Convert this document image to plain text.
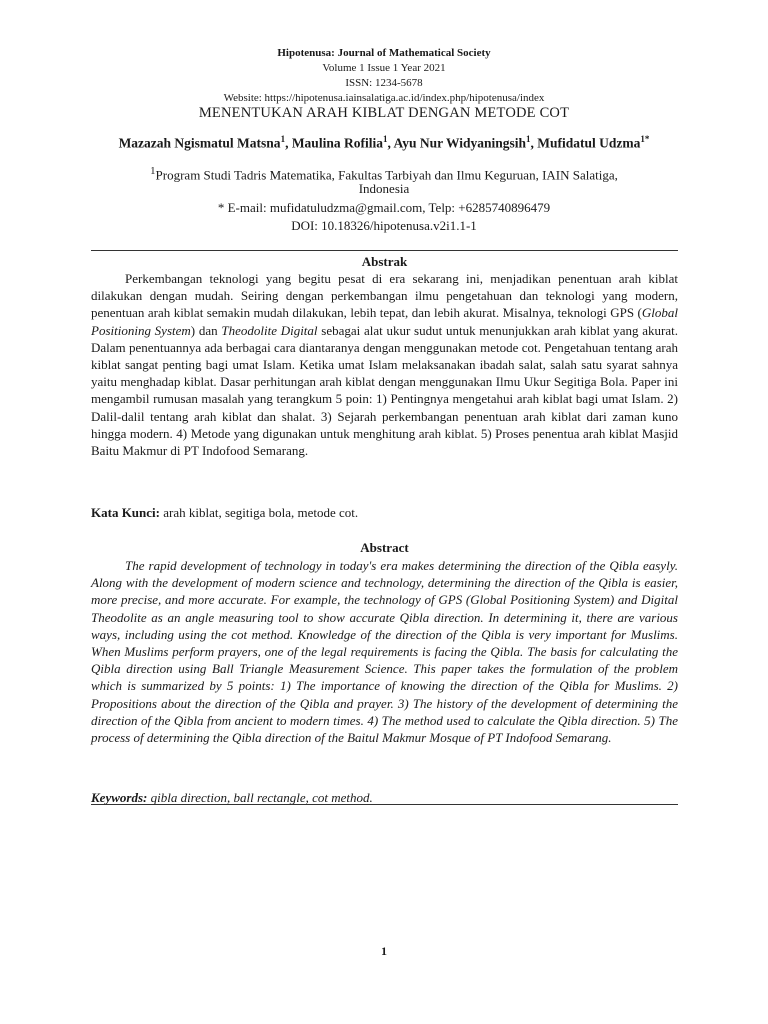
Hipotenusa: Journal of Mathematical Society
Volume 1 Issue 1 Year 2021
ISSN: 1234-5678
Website: https://hipotenusa.iainsalatiga.ac.id/index.php/hipotenusa/index
MENENTUKAN ARAH KIBLAT DENGAN METODE COT
Mazazah Ngismatul Matsna$^1$, Maulina Rofilia$^1$, Ayu Nur Widyaningsih$^1$, Mufidatul Udzma$^{1*}$
$^1$Program Studi Tadris Matematika, Fakultas Tarbiyah dan Ilmu Keguruan, IAIN Salatiga,
Indonesia
* E-mail: mufidatuludzma@gmail.com, Telp: +6285740896479
DOI: 10.18326/hipotenusa.v2i1.1-1
Abstrak

Perkembangan teknologi yang begitu pesat di era sekarang ini, menjadikan penentuan arah kiblat dilakukan dengan mudah. Seiring dengan perkembangan ilmu pengetahuan dan teknologi yang modern, penentuan arah kiblat semakin mudah dilakukan, lebih tepat, dan lebih akurat. Misalnya, teknologi GPS (Global Positioning System) dan Theodolite Digital sebagai alat ukur sudut untuk menunjukkan arah kiblat yang akurat. Dalam penentuannya ada berbagai cara diantaranya dengan menggunakan metode cot. Pengetahuan tentang arah kiblat sangat penting bagi umat Islam. Ketika umat Islam melaksanakan ibadah salat, salah satu syarat sahnya yaitu menghadap kiblat. Dasar perhitungan arah kiblat dengan menggunakan Ilmu Ukur Segitiga Bola. Paper ini mengambil rumusan masalah yang terangkum 5 poin: 1) Pentingnya mengetahui arah kiblat bagi umat Islam. 2) Dalil-dalil tentang arah kiblat dan shalat. 3) Sejarah perkembangan penentuan arah kiblat dari zaman kuno hingga modern. 4) Metode yang digunakan untuk menghitung arah kiblat. 5) Proses penentua arah kiblat Masjid Baitu Makmur di PT Indofood Semarang.

Kata Kunci: arah kiblat, segitiga bola, metode cot.
Abstract

The rapid development of technology in today's era makes determining the direction of the Qibla easyly. Along with the development of modern science and technology, determining the direction of the Qibla is easier, more precise, and more accurate. For example, the technology of GPS (Global Positioning System) and Digital Theodolite as an angle measuring tool to show accurate Qibla direction. In determining it, there are various ways, including using the cot method. Knowledge of the direction of the Qibla is very important for Muslims. When Muslims perform prayers, one of the legal requirements is facing the Qibla. The basis for calculating the Qibla direction using Ball Triangle Measurement Science. This paper takes the formulation of the problem which is summarized by 5 points: 1) The importance of knowing the direction of the Qibla for Muslims. 2) Propositions about the direction of the Qibla and prayer. 3) The history of the development of determining the direction of the Qibla from ancient to modern times. 4) The method used to calculate the Qibla direction. 5) The process of determining the Qibla direction of the Baitul Makmur Mosque of PT Indofood Semarang.

Keywords: qibla direction, ball rectangle, cot method.
1
